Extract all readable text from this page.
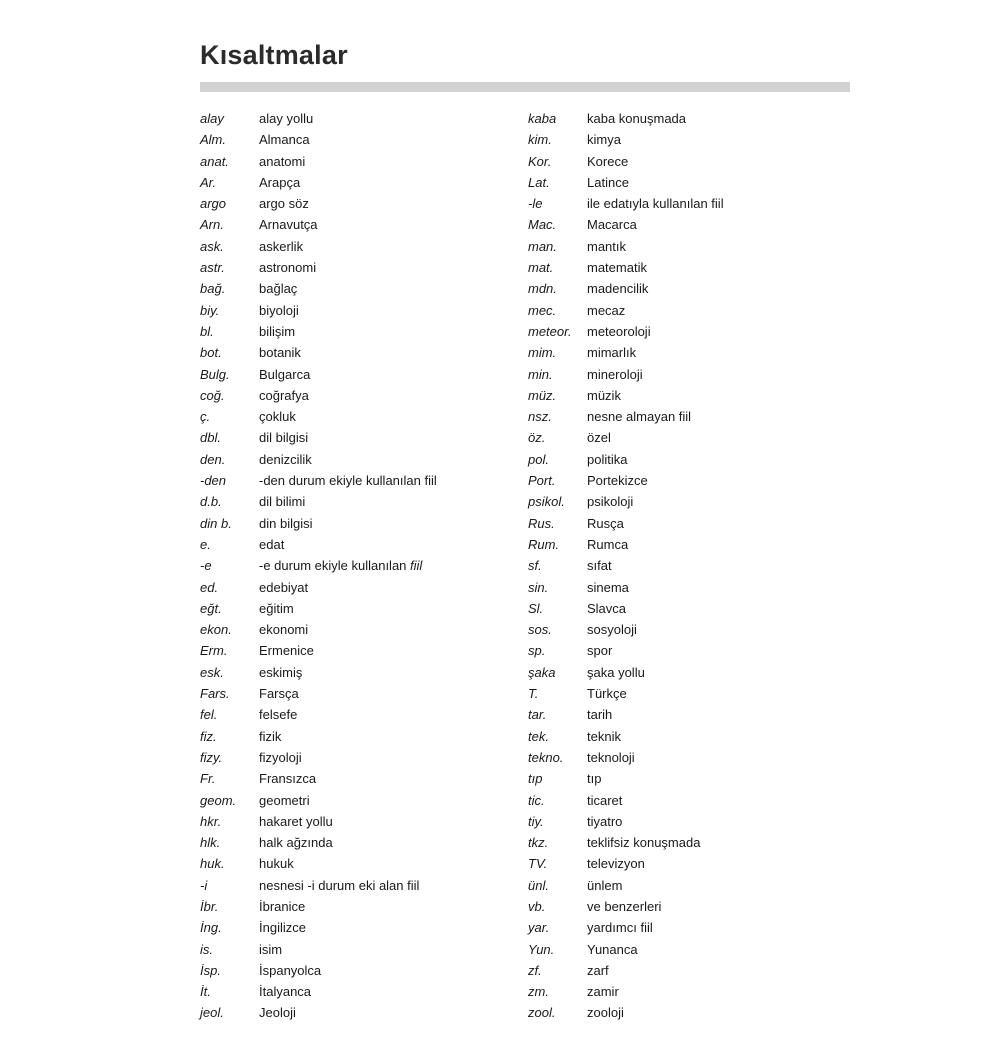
Kısaltmalar
alay	alay yollu
Alm.	Almanca
anat.	anatomi
Ar.	Arapça
argo	argo söz
Arn.	Arnavutça
ask.	askerlik
astr.	astronomi
bağ.	bağlaç
biy.	biyoloji
bl.	bilişim
bot.	botanik
Bulg.	Bulgarca
coğ.	coğrafya
ç.	çokluk
dbl.	dil bilgisi
den.	denizcilik
-den	-den durum ekiyle kullanılan fiil
d.b.	dil bilimi
din b.	din bilgisi
e.	edat
-e	-e durum ekiyle kullanılan fiil
ed.	edebiyat
eğt.	eğitim
ekon.	ekonomi
Erm.	Ermenice
esk.	eskimiş
Fars.	Farsça
fel.	felsefe
fiz.	fizik
fizy.	fizyoloji
Fr.	Fransızca
geom.	geometri
hkr.	hakaret yollu
hlk.	halk ağzında
huk.	hukuk
-i	nesnesi -i durum eki alan fiil
İbr.	İbranice
İng.	İngilizce
is.	isim
İsp.	İspanyolca
İt.	İtalyanca
jeol.	Jeoloji
kaba	kaba konuşmada
kim.	kimya
Kor.	Korece
Lat.	Latince
-le	ile edatıyla kullanılan fiil
Mac.	Macarca
man.	mantık
mat.	matematik
mdn.	madencilik
mec.	mecaz
meteor.	meteoroloji
mim.	mimarlık
min.	mineroloji
müz.	müzik
nsz.	nesne almayan fiil
öz.	özel
pol.	politika
Port.	Portekizce
psikol.	psikoloji
Rus.	Rusça
Rum.	Rumca
sf.	sıfat
sin.	sinema
Sl.	Slavca
sos.	sosyoloji
sp.	spor
şaka	şaka yollu
T.	Türkçe
tar.	tarih
tek.	teknik
tekno.	teknoloji
tıp	tıp
tic.	ticaret
tiy.	tiyatro
tkz.	teklifsiz konuşmada
TV.	televizyon
ünl.	ünlem
vb.	ve benzerleri
yar.	yardımcı fiil
Yun.	Yunanca
zf.	zarf
zm.	zamir
zool.	zooloji
